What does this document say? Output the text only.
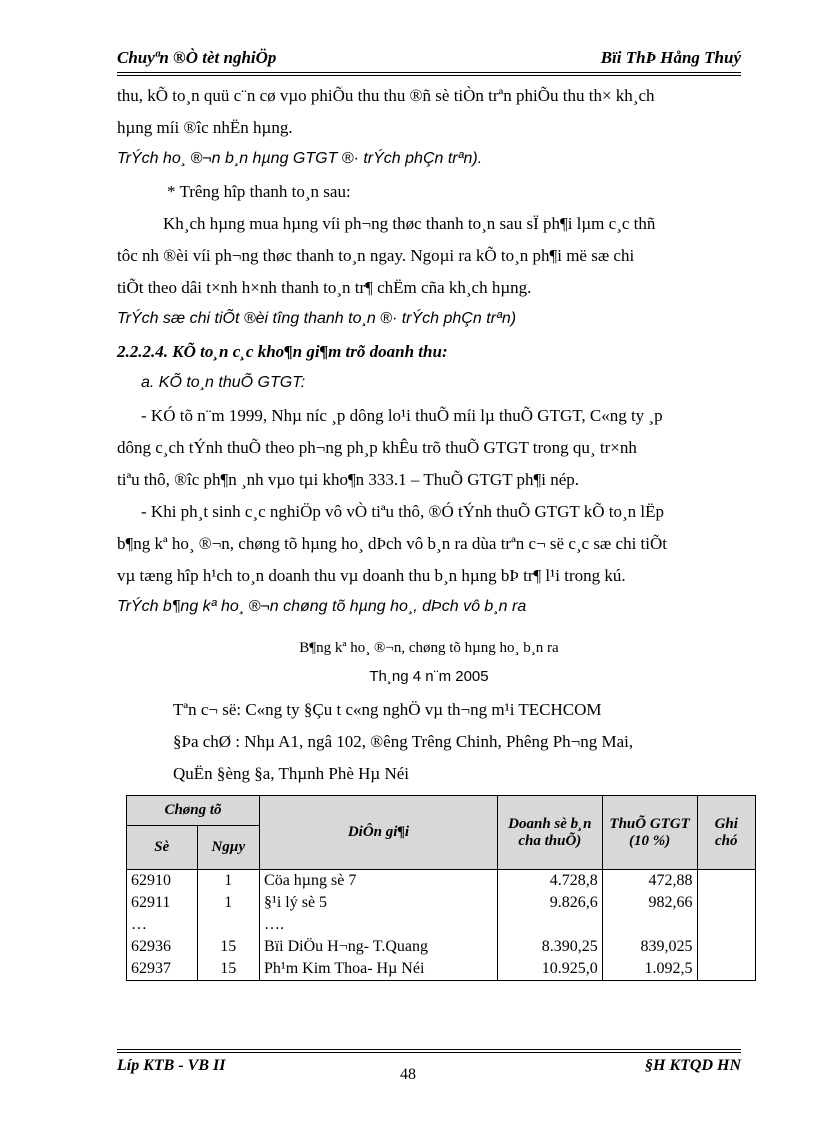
Chuyªn ®Ò tèt nghiÖp	Bïi ThÞ Hång Thuý
thu, kÕ to¸n quü c¨n cø vµo phiÕu thu thu ®ñ sè tiÒn trªn phiÕu thu th× kh¸ch
hµng míi ®îc nhËn hµng.
TrÝch ho¸ ®¬n b¸n hµng GTGT ®· trÝch phÇn trªn).
* Trêng hîp thanh to¸n sau:
Kh¸ch hµng mua hµng víi ph¬ng thøc thanh to¸n sau sÏ ph¶i lµm c¸c thñ
tôc nh ®èi víi ph¬ng thøc thanh to¸n ngay. Ngoµi ra kÕ to¸n ph¶i më sæ chi
tiÕt theo dâi t×nh h×nh thanh to¸n tr¶ chËm cña kh¸ch hµng.
TrÝch sæ chi tiÕt ®èi tîng thanh to¸n ®· trÝch phÇn trªn)
2.2.2.4. KÕ to¸n c¸c kho¶n gi¶m trõ doanh thu:
a. KÕ to¸n thuÕ GTGT:
- KÓ tõ n¨m 1999, Nhµ níc ¸p dông lo¹i thuÕ míi lµ thuÕ GTGT, C«ng ty ¸p
dông c¸ch tÝnh thuÕ theo ph¬ng ph¸p khÊu trõ thuÕ GTGT trong qu¸ tr×nh
tiªu thô, ®îc ph¶n ¸nh vµo tµi kho¶n 333.1 – ThuÕ GTGT ph¶i nép.
- Khi ph¸t sinh c¸c nghiÖp vô vÒ tiªu thô, ®Ó tÝnh thuÕ GTGT kÕ to¸n lËp
b¶ng kª ho¸ ®¬n, chøng tõ hµng ho¸ dÞch vô b¸n ra dùa trªn c¬ së c¸c sæ chi tiÕt
vµ tæng hîp h¹ch to¸n doanh thu vµ doanh thu b¸n hµng bÞ tr¶ l¹i trong kú.
TrÝch b¶ng kª ho¸ ®¬n chøng tõ hµng ho¸, dÞch vô b¸n ra
B¶ng kª ho¸ ®¬n, chøng tõ hµng ho¸ b¸n ra
Th¸ng 4 n¨m 2005
Tªn c¬ së: C«ng ty §Çu t c«ng nghÖ vµ th¬ng m¹i TECHCOM
§Þa chØ : Nhµ A1, ngâ 102, ®êng Trêng Chinh, Phêng Ph¬ng Mai,
QuËn §èng §a, Thµnh Phè Hµ Néi
Chøng tõ		DiÔn gi¶i	Doanh sè b¸n cha thuÕ)	ThuÕ GTGT (10 %)	Ghi chó
Sè	Ngµy				
62910	1	Cöa hµng sè 7	4.728,8	472,88	
62911	1	§¹i lý sè 5	9.826,6	982,66	
…		….			
62936	15	Bïi DiÖu H¬ng- T.Quang	8.390,25	839,025	
62937	15	Ph¹m Kim Thoa- Hµ Néi	10.925,0	1.092,5	
Líp KTB - VB II
48
§H KTQD HN
